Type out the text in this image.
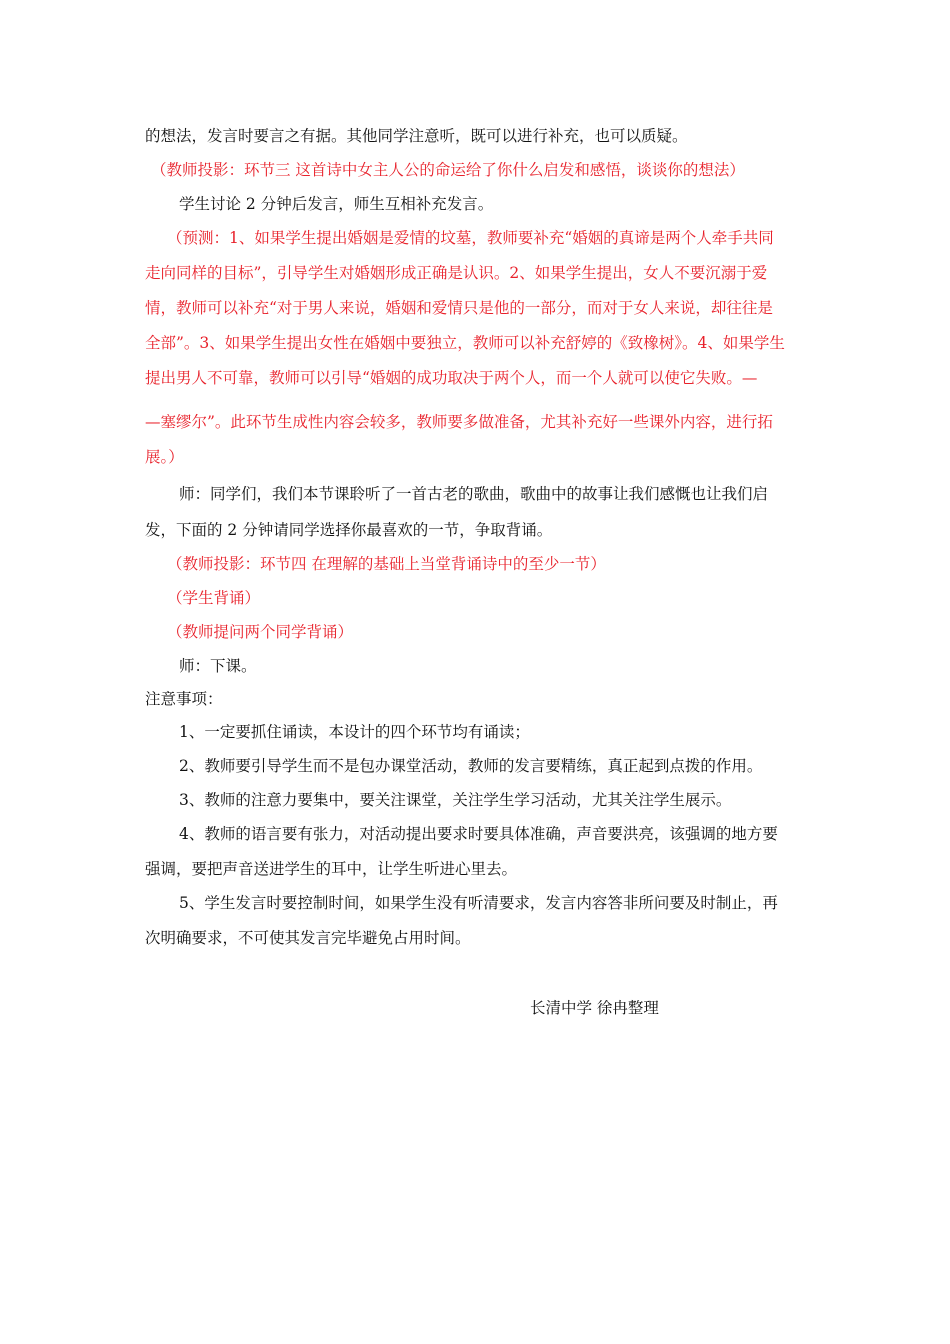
的想法，发言时要言之有据。其他同学注意听，既可以进行补充，也可以质疑。
（教师投影：环节三 这首诗中女主人公的命运给了你什么启发和感悟，谈谈你的想法）
学生讨论 2 分钟后发言，师生互相补充发言。
（预测：1、如果学生提出婚姻是爱情的坟墓，教师要补充“婚姻的真谛是两个人牵手共同
走向同样的目标”，引导学生对婚姻形成正确是认识。2、如果学生提出，女人不要沉溺于爱
情，教师可以补充“对于男人来说，婚姻和爱情只是他的一部分，而对于女人来说，却往往是
全部”。3、如果学生提出女性在婚姻中要独立，教师可以补充舒婷的《致橡树》。4、如果学生
提出男人不可靠，教师可以引导“婚姻的成功取决于两个人，而一个人就可以使它失败。—
—塞缪尔”。此环节生成性内容会较多，教师要多做准备，尤其补充好一些课外内容，进行拓
展。）
师：同学们，我们本节课聆听了一首古老的歌曲，歌曲中的故事让我们感慨也让我们启
发，下面的 2 分钟请同学选择你最喜欢的一节，争取背诵。
（教师投影：环节四 在理解的基础上当堂背诵诗中的至少一节）
（学生背诵）
（教师提问两个同学背诵）
师：下课。
注意事项：
1、一定要抓住诵读，本设计的四个环节均有诵读；
2、教师要引导学生而不是包办课堂活动，教师的发言要精练，真正起到点拨的作用。
3、教师的注意力要集中，要关注课堂，关注学生学习活动，尤其关注学生展示。
4、教师的语言要有张力，对活动提出要求时要具体准确，声音要洪亮，该强调的地方要
强调，要把声音送进学生的耳中，让学生听进心里去。
5、学生发言时要控制时间，如果学生没有听清要求，发言内容答非所问要及时制止，再
次明确要求，不可使其发言完毕避免占用时间。
长清中学 徐冉整理
